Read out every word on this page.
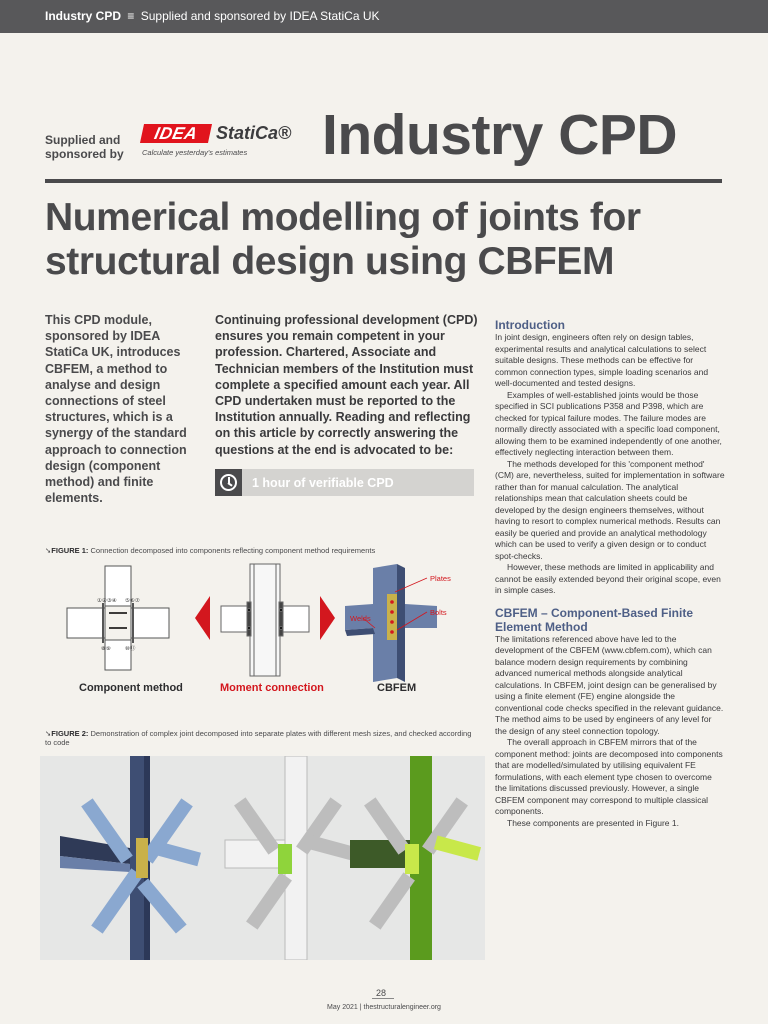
Industry CPD ≡ Supplied and sponsored by IDEA StatiCa UK
Supplied and sponsored by
IDEA StatiCa®
Calculate yesterday's estimates Industry CPD
Numerical modelling of joints for structural design using CBFEM
This CPD module, sponsored by IDEA StatiCa UK, introduces CBFEM, a method to analyse and design connections of steel structures, which is a synergy of the standard approach to connection design (component method) and finite elements.
Continuing professional development (CPD) ensures you remain competent in your profession. Chartered, Associate and Technician members of the Institution must complete a specified amount each year. All CPD undertaken must be reported to the Institution annually. Reading and reflecting on this article by correctly answering the questions at the end is advocated to be:
1 hour of verifiable CPD
➘FIGURE 1: Connection decomposed into components reflecting component method requirements
①②③④ ⑤⑥⑦
⑧⑨	⑩⑪
Component method	Moment connection	CBFEM
Plates
Bolts
Welds
➘FIGURE 2: Demonstration of complex joint decomposed into separate plates with different mesh sizes, and checked according to code
Introduction

In joint design, engineers often rely on design tables, experimental results and analytical calculations to select suitable designs. These methods can be effective for common connection types, simple loading scenarios and well-documented and tested designs.

Examples of well-established joints would be those specified in SCI publications P358 and P398, which are checked for typical failure modes. The failure modes are normally directly associated with a specific load component, allowing them to be examined independently of one another, effectively neglecting interaction between them.

The methods developed for this 'component method' (CM) are, nevertheless, suited for implementation in software rather than for manual calculation. The analytical relationships mean that calculation sheets could be developed by the design engineers themselves, without having to resort to complex numerical methods. Results can easily be queried and provide an analytical methodology which can be used to verify a given design or to conduct spot-checks.

However, these methods are limited in applicability and cannot be easily extended beyond their original scope, even in simple cases.

CBFEM – Component-Based Finite Element Method

The limitations referenced above have led to the development of the CBFEM (www.cbfem.com), which can balance modern design requirements by combining advanced numerical methods alongside analytical calculations. In CBFEM, joint design can be generalised by using a finite element (FE) engine alongside the conventional code checks specified in the relevant guidance. The method aims to be used by engineers of any level for the design of any steel connection topology.

The overall approach in CBFEM mirrors that of the component method: joints are decomposed into components that are modelled/simulated by utilising equivalent FE formulations, with each element type chosen to overcome the limitations discussed previously. However, a single CBFEM component may correspond to multiple classical components.

These components are presented in Figure 1.

28
May 2021 | thestructuralengineer.org
